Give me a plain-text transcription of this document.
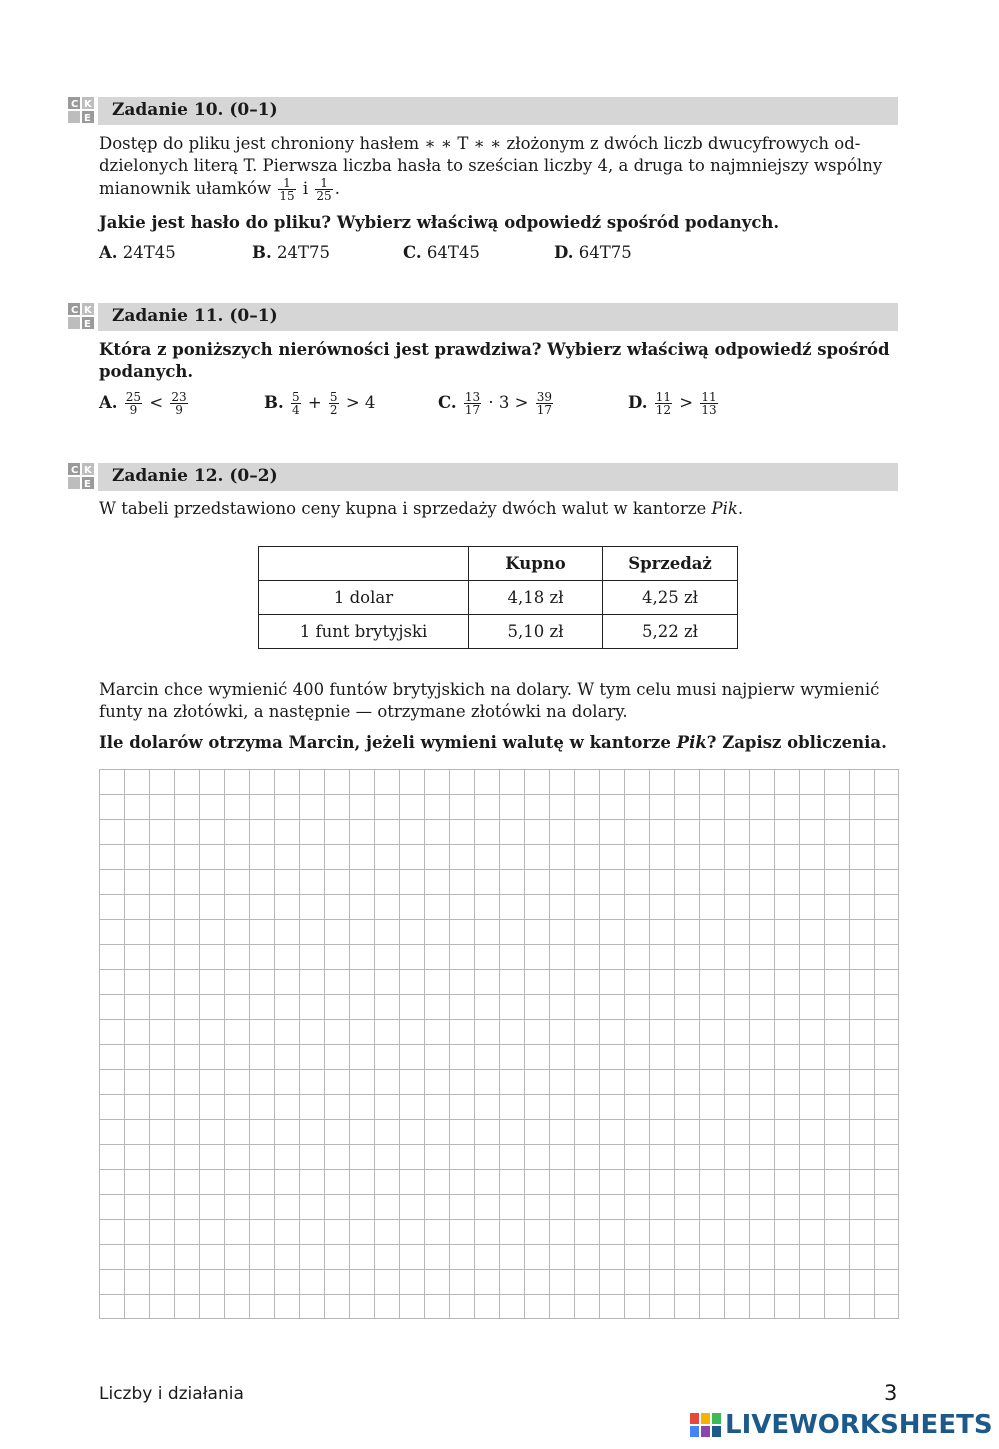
C K
E Zadanie 10. (0–1)
Dostęp do pliku jest chroniony hasłem ∗ ∗ T ∗ ∗ złożonym z dwóch liczb dwucyfrowych od-
dzielonych literą T. Pierwsza liczba hasła to sześcian liczby 4, a druga to najmniejszy wspólny
mianownik ułamków $\frac{1}{15}$ i $\frac{1}{25}$ .
Jakie jest hasło do pliku? Wybierz właściwą odpowiedź spośród podanych.
A. 24T45	B. 24T75	C. 64T45	D. 64T75
C K
E Zadanie 11. (0–1)
Która z poniższych nierówności jest prawdziwa? Wybierz właściwą odpowiedź spośród
podanych.
A. $\frac{25}{9} < \frac{23}{9}$	B. $\frac{5}{4} + \frac{5}{2} > 4$	C. $\frac{13}{17} \cdot 3 > \frac{39}{17}$	D. $\frac{11}{12} > \frac{11}{13}$
C K
E Zadanie 12. (0–2)
W tabeli przedstawiono ceny kupna i sprzedaży dwóch walut w kantorze Pik.
	Kupno	Sprzedaż
1 dolar	4,18 zł	4,25 zł
1 funt brytyjski	5,10 zł	5,22 zł
Marcin chce wymienić 400 funtów brytyjskich na dolary. W tym celu musi najpierw wymienić
funty na złotówki, a następnie — otrzymane złotówki na dolary.
Ile dolarów otrzyma Marcin, jeżeli wymieni walutę w kantorze Pik? Zapisz obliczenia.
Liczby i działania	3
LIVEWORKSHEETS
